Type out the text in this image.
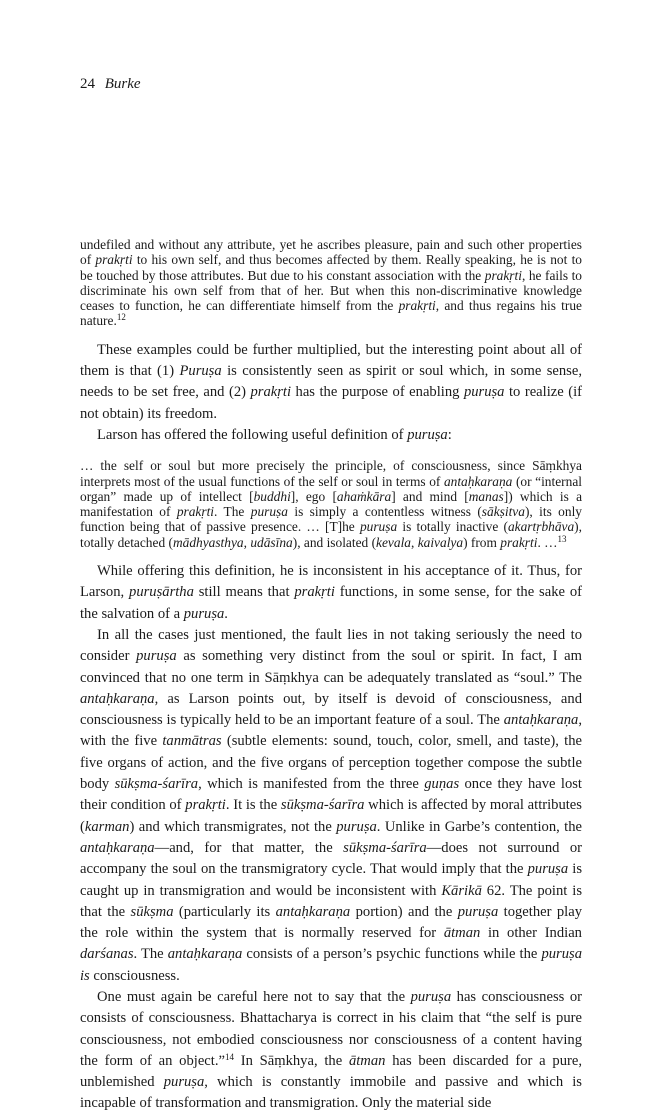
24 Burke

undefiled and without any attribute, yet he ascribes pleasure, pain and such other properties of prakṛti to his own self, and thus becomes affected by them. Really speaking, he is not to be touched by those attributes. But due to his constant association with the prakṛti, he fails to discriminate his own self from that of her. But when this non-discriminative knowledge ceases to function, he can differentiate himself from the prakṛti, and thus regains his true nature.$^{12}$

These examples could be further multiplied, but the interesting point about all of them is that (1) Puruṣa is consistently seen as spirit or soul which, in some sense, needs to be set free, and (2) prakṛti has the purpose of enabling puruṣa to realize (if not obtain) its freedom.

Larson has offered the following useful definition of puruṣa:

… the self or soul but more precisely the principle, of consciousness, since Sāṃkhya interprets most of the usual functions of the self or soul in terms of antaḥkaraṇa (or “internal organ” made up of intellect [buddhi], ego [ahaṁkāra] and mind [manas]) which is a manifestation of prakṛti. The puruṣa is simply a contentless witness (sākṣitva), its only function being that of passive presence. … [T]he puruṣa is totally inactive (akartṛbhāva), totally detached (mādhyasthya, udāsīna), and isolated (kevala, kaivalya) from prakṛti. …$^{13}$

While offering this definition, he is inconsistent in his acceptance of it. Thus, for Larson, puruṣārtha still means that prakṛti functions, in some sense, for the sake of the salvation of a puruṣa.

In all the cases just mentioned, the fault lies in not taking seriously the need to consider puruṣa as something very distinct from the soul or spirit. In fact, I am convinced that no one term in Sāṃkhya can be adequately translated as “soul.” The antaḥkaraṇa, as Larson points out, by itself is devoid of consciousness, and consciousness is typically held to be an important feature of a soul. The antaḥkaraṇa, with the five tanmātras (subtle elements: sound, touch, color, smell, and taste), the five organs of action, and the five organs of perception together compose the subtle body sūkṣma-śarīra, which is manifested from the three guṇas once they have lost their condition of prakṛti. It is the sūkṣma-śarīra which is affected by moral attributes (karman) and which transmigrates, not the puruṣa. Unlike in Garbe’s contention, the antaḥkaraṇa—and, for that matter, the sūkṣma-śarīra—does not surround or accompany the soul on the transmigratory cycle. That would imply that the puruṣa is caught up in transmigration and would be inconsistent with Kārikā 62. The point is that the sūkṣma (particularly its antaḥkaraṇa portion) and the puruṣa together play the role within the system that is normally reserved for ātman in other Indian darśanas. The antaḥkaraṇa consists of a person’s psychic functions while the puruṣa is consciousness.

One must again be careful here not to say that the puruṣa has consciousness or consists of consciousness. Bhattacharya is correct in his claim that “the self is pure consciousness, not embodied consciousness nor consciousness of a content having the form of an object.”$^{14}$ In Sāṃkhya, the ātman has been discarded for a pure, unblemished puruṣa, which is constantly immobile and passive and which is incapable of transformation and transmigration. Only the material side
